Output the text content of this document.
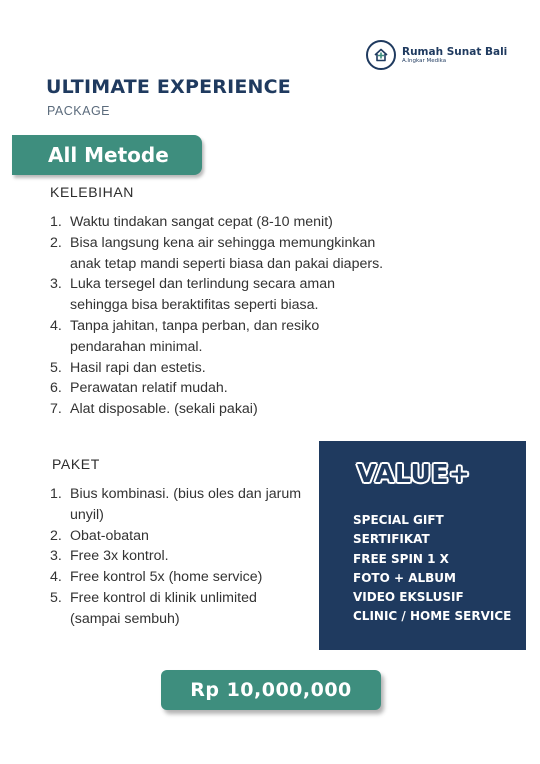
Rumah Sunat Bali
A.Ingkar Medika
ULTIMATE EXPERIENCE
PACKAGE
All Metode
KELEBIHAN
1. Waktu tindakan sangat cepat (8-10 menit)
2. Bisa langsung kena air sehingga memungkinkan anak tetap mandi seperti biasa dan pakai diapers.
3. Luka tersegel dan terlindung secara aman sehingga bisa beraktifitas seperti biasa.
4. Tanpa jahitan, tanpa perban, dan resiko pendarahan minimal.
5. Hasil rapi dan estetis.
6. Perawatan relatif mudah.
7. Alat disposable. (sekali pakai)
PAKET
1. Bius kombinasi. (bius oles dan jarum unyil)
2. Obat-obatan
3. Free 3x kontrol.
4. Free kontrol 5x (home service)
5. Free kontrol di klinik unlimited (sampai sembuh)
VALUE+
SPECIAL GIFT
SERTIFIKAT
FREE SPIN 1 X
FOTO + ALBUM
VIDEO EKSLUSIF
CLINIC / HOME SERVICE
Rp 10,000,000
